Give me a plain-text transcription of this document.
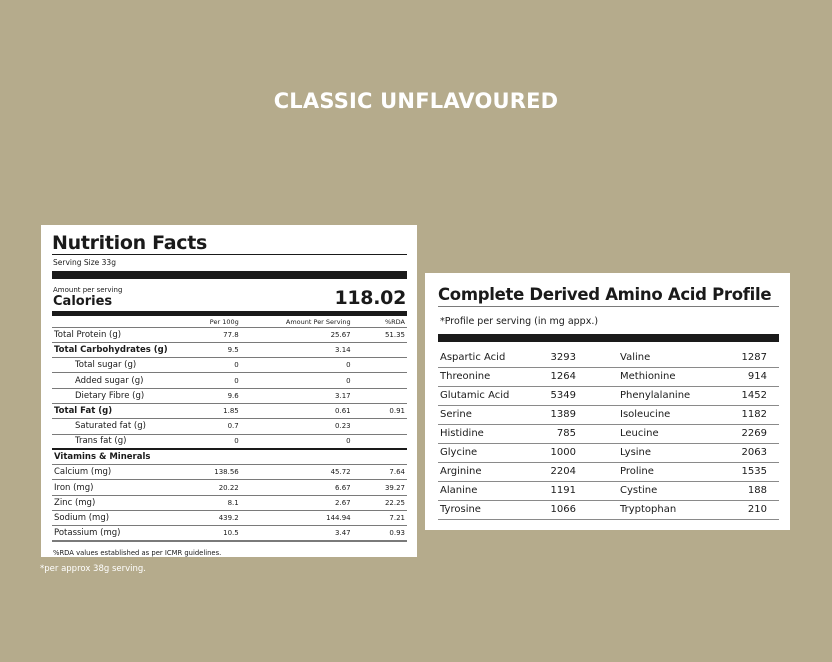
CLASSIC UNFLAVOURED
Nutrition Facts
Serving Size 33g
Amount per serving
Calories	118.02
	Per 100g	Amount Per Serving	%RDA
Total Protein (g)	77.8	25.67	51.35
Total Carbohydrates (g)	9.5	3.14	
Total sugar (g)	0	0	
Added sugar (g)	0	0	
Dietary Fibre (g)	9.6	3.17	
Total Fat (g)	1.85	0.61	0.91
Saturated fat (g)	0.7	0.23	
Trans fat (g)	0	0	
Vitamins & Minerals			
Calcium (mg)	138.56	45.72	7.64
Iron (mg)	20.22	6.67	39.27
Zinc (mg)	8.1	2.67	22.25
Sodium (mg)	439.2	144.94	7.21
Potassium (mg)	10.5	3.47	0.93
%RDA values established as per ICMR guidelines.
*per approx 38g serving.
Complete Derived Amino Acid Profile
*Profile per serving (in mg appx.)
Aspartic Acid	3293		Valine	1287
Threonine	1264		Methionine	914
Glutamic Acid	5349		Phenylalanine	1452
Serine	1389		Isoleucine	1182
Histidine	785		Leucine	2269
Glycine	1000		Lysine	2063
Arginine	2204		Proline	1535
Alanine	1191		Cystine	188
Tyrosine	1066		Tryptophan	210
